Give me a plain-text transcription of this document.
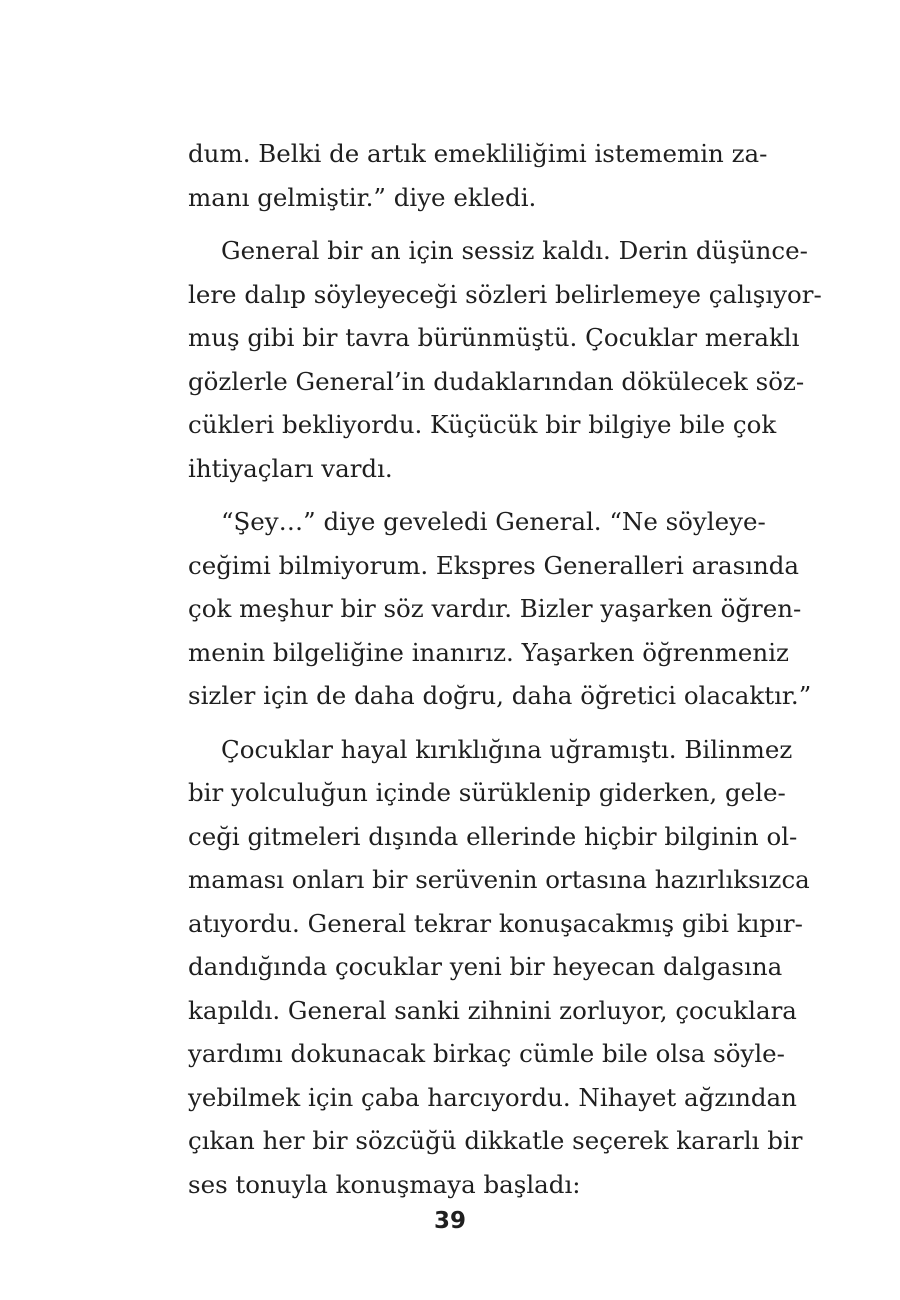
dum. Belki de artık emekliliğimi istememin za-
manı gelmiştir.” diye ekledi.
General bir an için sessiz kaldı. Derin düşünce-
lere dalıp söyleyeceği sözleri belirlemeye çalışıyor-
muş gibi bir tavra bürünmüştü. Çocuklar meraklı
gözlerle General’in dudaklarından dökülecek söz-
cükleri bekliyordu. Küçücük bir bilgiye bile çok
ihtiyaçları vardı.
“Şey…” diye geveledi General. “Ne söyleye-
ceğimi bilmiyorum. Ekspres Generalleri arasında
çok meşhur bir söz vardır. Bizler yaşarken öğren-
menin bilgeliğine inanırız. Yaşarken öğrenmeniz
sizler için de daha doğru, daha öğretici olacaktır.”
Çocuklar hayal kırıklığına uğramıştı. Bilinmez
bir yolculuğun içinde sürüklenip giderken, gele-
ceği gitmeleri dışında ellerinde hiçbir bilginin ol-
maması onları bir serüvenin ortasına hazırlıksızca
atıyordu. General tekrar konuşacakmış gibi kıpır-
dandığında çocuklar yeni bir heyecan dalgasına
kapıldı. General sanki zihnini zorluyor, çocuklara
yardımı dokunacak birkaç cümle bile olsa söyle-
yebilmek için çaba harcıyordu. Nihayet ağzından
çıkan her bir sözcüğü dikkatle seçerek kararlı bir
ses tonuyla konuşmaya başladı:
39
